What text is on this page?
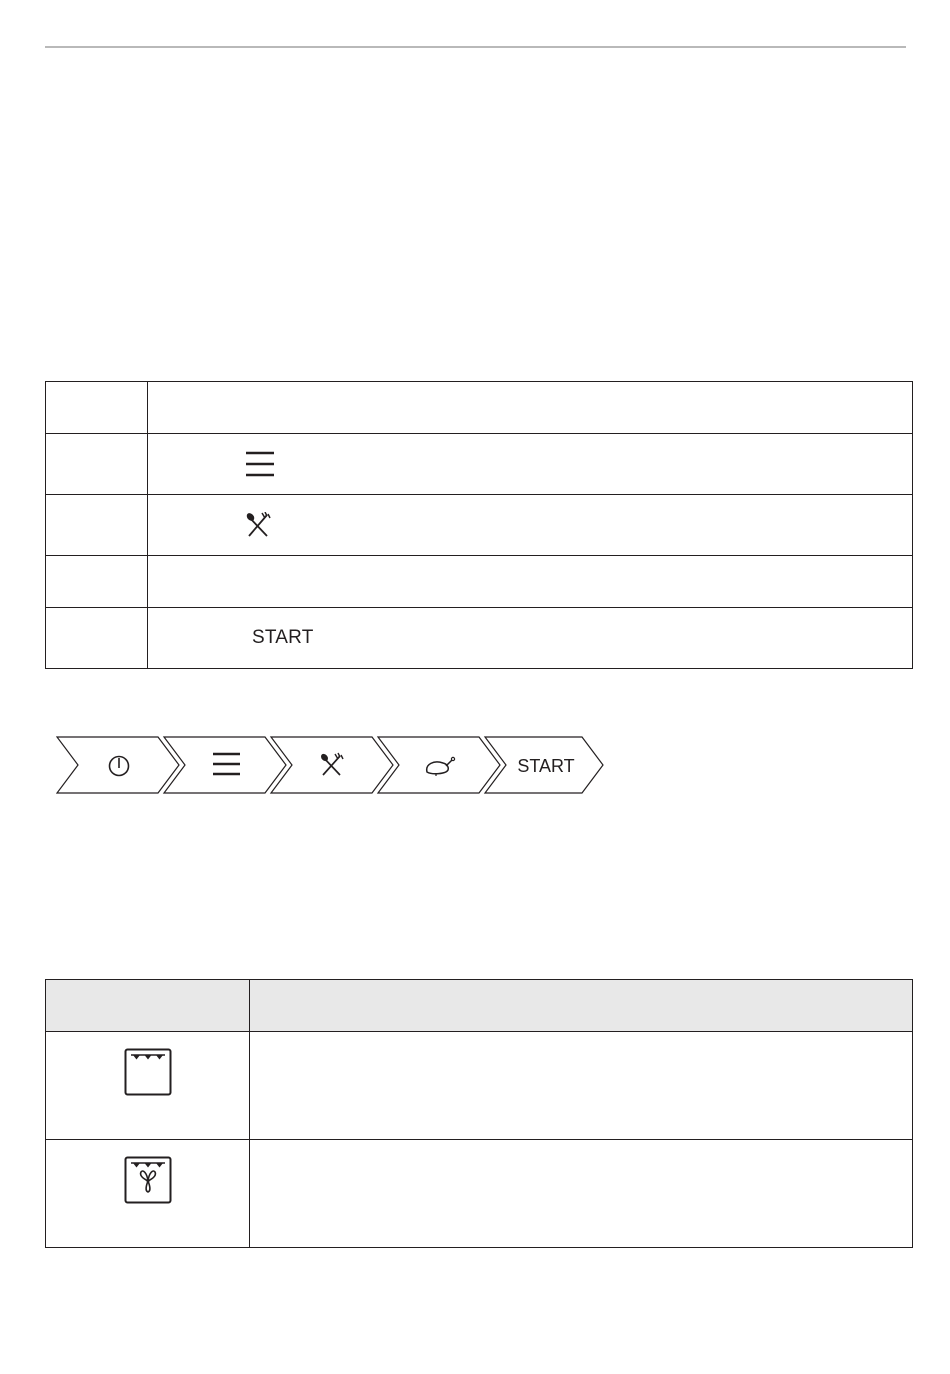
START
START
